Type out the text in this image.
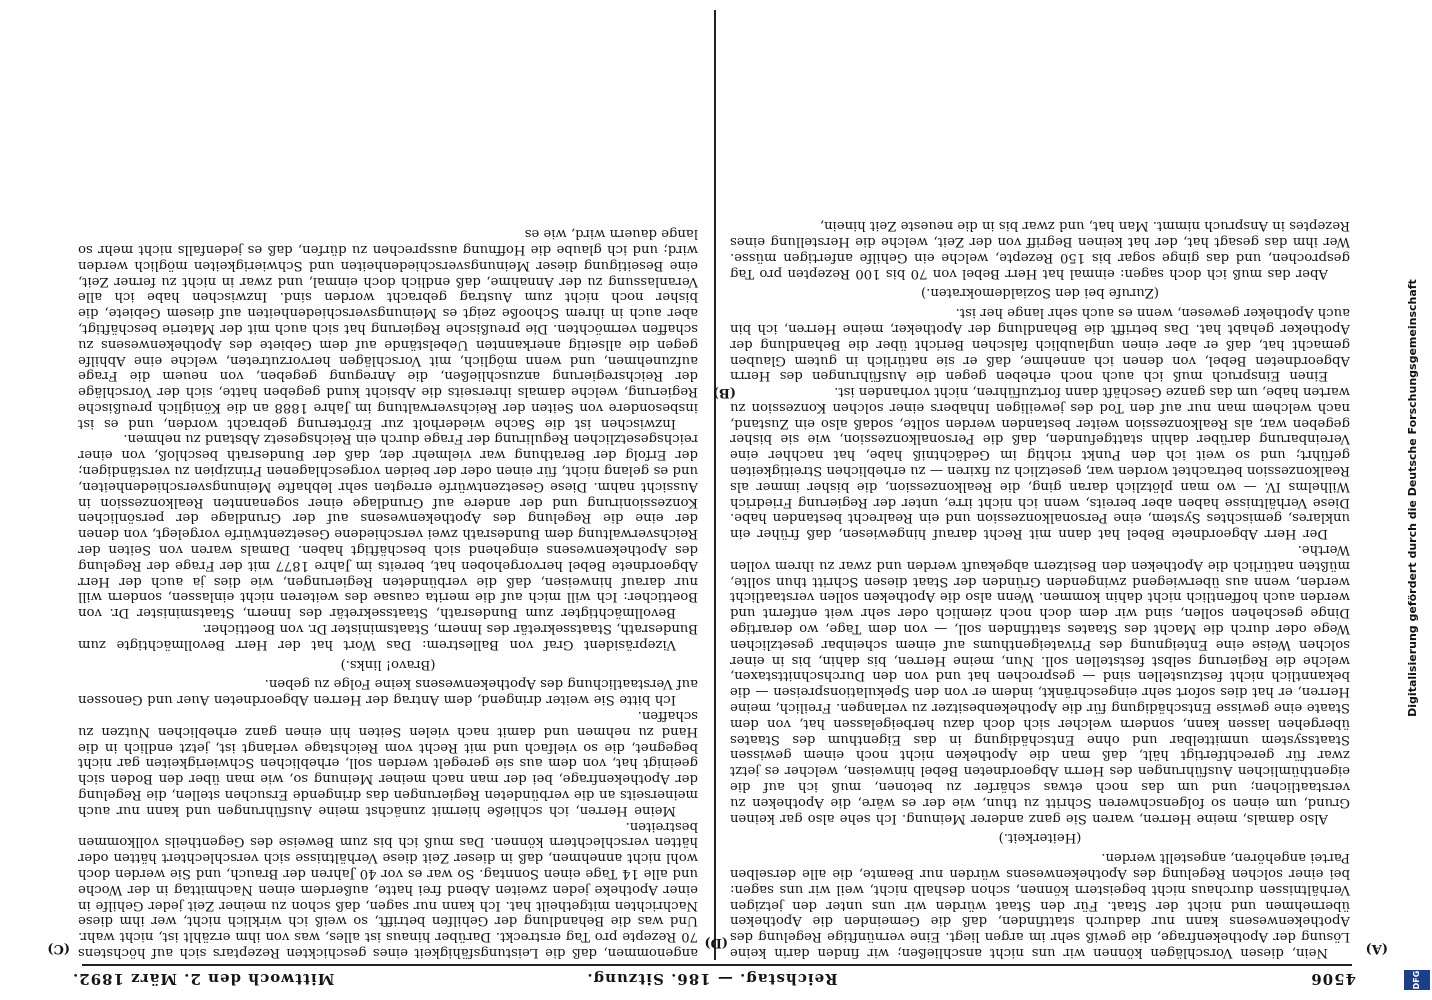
4506
Reichstag. — 186. Sitzung.
Mittwoch den 2. März 1892.
(A)
(C)
(B)
(D)

Nein, diesen Vorschlägen können wir uns nicht anschließen; wir finden darin keine Lösung der Apothekenfrage, die gewiß sehr im argen liegt. Eine vernünftige Regelung des Apothekenwesens kann nur dadurch stattfinden, daß die Gemeinden die Apotheken übernehmen und nicht der Staat. Für den Staat würden wir uns unter den jetzigen Verhältnissen durchaus nicht begeistern können, schon deshalb nicht, weil wir uns sagen: bei einer solchen Regelung des Apothekenwesens würden nur Beamte, die alle derselben Partei angehören, angestellt werden.

(Heiterkeit.)

Also damals, meine Herren, waren Sie ganz anderer Meinung. Ich sehe also gar keinen Grund, um einen so folgenschweren Schritt zu thun, wie der es wäre, die Apotheken zu verstaatlichen; und um das noch etwas schärfer zu betonen, muß ich auf die eigenthümlichen Ausführungen des Herrn Abgeordneten Bebel hinweisen, welcher es jetzt zwar für gerechtfertigt hält, daß man die Apotheken nicht noch einem gewissen Staatssystem unmittelbar und ohne Entschädigung in das Eigenthum des Staates übergehen lassen kann, sondern welcher sich doch dazu herbeigelassen hat, von dem Staate eine gewisse Entschädigung für die Apothekenbesitzer zu verlangen. Freilich, meine Herren, er hat dies sofort sehr eingeschränkt, indem er von den Spekulationspreisen — die bekanntlich nicht festzustellen sind — gesprochen hat und von den Durchschnittstaxen, welche die Regierung selbst feststellen soll. Nun, meine Herren, bis dahin, bis in einer solchen Weise eine Enteignung des Privateigenthums auf einem scheinbar gesetzlichen Wege oder durch die Macht des Staates stattfinden soll, — von dem Tage, wo derartige Dinge geschehen sollen, sind wir dem doch noch ziemlich oder sehr weit entfernt und werden auch hoffentlich nicht dahin kommen. Wenn also die Apotheken sollen verstaatlicht werden, wenn aus überwiegend zwingenden Gründen der Staat diesen Schritt thun sollte, müßten natürlich die Apotheken den Besitzern abgekauft werden und zwar zu ihrem vollen Werthe.

Der Herr Abgeordnete Bebel hat dann mit Recht darauf hingewiesen, daß früher ein unklares, gemischtes System, eine Personalkonzession und ein Realrecht bestanden habe. Diese Verhältnisse haben aber bereits, wenn ich nicht irre, unter der Regierung Friedrich Wilhelms IV. — wo man plötzlich daran ging, die Realkonzession, die bisher immer als Realkonzession betrachtet worden war, gesetzlich zu fixiren — zu erheblichen Streitigkeiten geführt; und so weit ich den Punkt richtig im Gedächtniß habe, hat nachher eine Vereinbarung darüber dahin stattgefunden, daß die Personalkonzession, wie sie bisher gegeben war, als Realkonzession weiter bestanden werden sollte, sodaß also ein Zustand, nach welchem man nur auf den Tod des jeweiligen Inhabers einer solchen Konzession zu warten habe, um das ganze Geschäft dann fortzuführen, nicht vorhanden ist.

Einen Einspruch muß ich auch noch erheben gegen die Ausführungen des Herrn Abgeordneten Bebel, von denen ich annehme, daß er sie natürlich in gutem Glauben gemacht hat, daß er aber einen unglaublich falschen Bericht über die Behandlung der Apotheker gehabt hat. Das betrifft die Behandlung der Apotheker, meine Herren, ich bin auch Apotheker gewesen, wenn es auch sehr lange her ist.

(Zurufe bei den Sozialdemokraten.)

Aber das muß ich doch sagen: einmal hat Herr Bebel von 70 bis 100 Rezepten pro Tag gesprochen, und das ginge sogar bis 150 Rezepte, welche ein Gehilfe anfertigen müsse. Wer ihm das gesagt hat, der hat keinen Begriff von der Zeit, welche die Herstellung eines Rezeptes in Anspruch nimmt. Man hat, und zwar bis in die neueste Zeit hinein,

angenommen, daß die Leistungsfähigkeit eines geschickten Rezeptars sich auf höchstens 70 Rezepte pro Tag erstreckt. Darüber hinaus ist alles, was von ihm erzählt ist, nicht wahr. Und was die Behandlung der Gehilfen betrifft, so weiß ich wirklich nicht, wer ihm diese Nachrichten mitgetheilt hat. Ich kann nur sagen, daß schon zu meiner Zeit jeder Gehilfe in einer Apotheke jeden zweiten Abend frei hatte, außerdem einen Nachmittag in der Woche und alle 14 Tage einen Sonntag. So war es vor 40 Jahren der Brauch, und Sie werden doch wohl nicht annehmen, daß in dieser Zeit diese Verhältnisse sich verschlechtert hätten oder hätten verschlechtern können. Das muß ich bis zum Beweise des Gegentheils vollkommen bestreiten.

Meine Herren, ich schließe hiermit zunächst meine Ausführungen und kann nur auch meinerseits an die verbündeten Regierungen das dringende Ersuchen stellen, die Regelung der Apothekenfrage, bei der man nach meiner Meinung so, wie man über den Boden sich geeinigt hat, von dem aus sie geregelt werden soll, erheblichen Schwierigkeiten gar nicht begegnet, die so vielfach und mit Recht vom Reichstage verlangt ist, jetzt endlich in die Hand zu nehmen und damit nach vielen Seiten hin einen ganz erheblichen Nutzen zu schaffen.

Ich bitte Sie weiter dringend, dem Antrag der Herren Abgeordneten Auer und Genossen auf Verstaatlichung des Apothekenwesens keine Folge zu geben.

(Bravo! links.)

Vizepräsident Graf von Ballestrem: Das Wort hat der Herr Bevollmächtigte zum Bundesrath, Staatssekretär des Innern, Staatsminister Dr. von Boetticher.

Bevollmächtigter zum Bundesrath, Staatssekretär des Innern, Staatsminister Dr. von Boetticher: Ich will mich auf die merita causae des weiteren nicht einlassen, sondern will nur darauf hinweisen, daß die verbündeten Regierungen, wie dies ja auch der Herr Abgeordnete Bebel hervorgehoben hat, bereits im Jahre 1877 mit der Frage der Regelung des Apothekenwesens eingehend sich beschäftigt haben. Damals waren von Seiten der Reichsverwaltung dem Bundesrath zwei verschiedene Gesetzentwürfe vorgelegt, von denen der eine die Regelung des Apothekenwesens auf der Grundlage der persönlichen Konzessionirung und der andere auf Grundlage einer sogenannten Realkonzession in Aussicht nahm. Diese Gesetzentwürfe erregten sehr lebhafte Meinungsverschiedenheiten, und es gelang nicht, für einen oder der beiden vorgeschlagenen Prinzipien zu verständigen; der Erfolg der Berathung war vielmehr der, daß der Bundesrath beschloß, von einer reichsgesetzlichen Regulirung der Frage durch ein Reichsgesetz Abstand zu nehmen.

Inzwischen ist die Sache wiederholt zur Erörterung gebracht worden, und es ist insbesondere von Seiten der Reichsverwaltung im Jahre 1888 an die Königlich preußische Regierung, welche damals ihrerseits die Absicht kund gegeben hatte, sich der Vorschläge der Reichsregierung anzuschließen, die Anregung gegeben, von neuem die Frage aufzunehmen, und wenn möglich, mit Vorschlägen hervorzutreten, welche eine Abhilfe gegen die allseitig anerkannten Uebelstände auf dem Gebiete des Apothekenwesens zu schaffen vermöchten. Die preußische Regierung hat sich auch mit der Materie beschäftigt, aber auch in ihrem Schooße zeigt es Meinungsverschiedenheiten auf diesem Gebiete, die bisher noch nicht zum Austrag gebracht worden sind. Inzwischen habe ich alle Veranlassung zu der Annahme, daß endlich doch einmal, und zwar in nicht zu ferner Zeit, eine Beseitigung dieser Meinungsverschiedenheiten und Schwierigkeiten möglich werden wird; und ich glaube die Hoffnung aussprechen zu dürfen, daß es jedenfalls nicht mehr so lange dauern wird, wie es

Digitalisierung gefördert durch die Deutsche Forschungsgemeinschaft
DFG
